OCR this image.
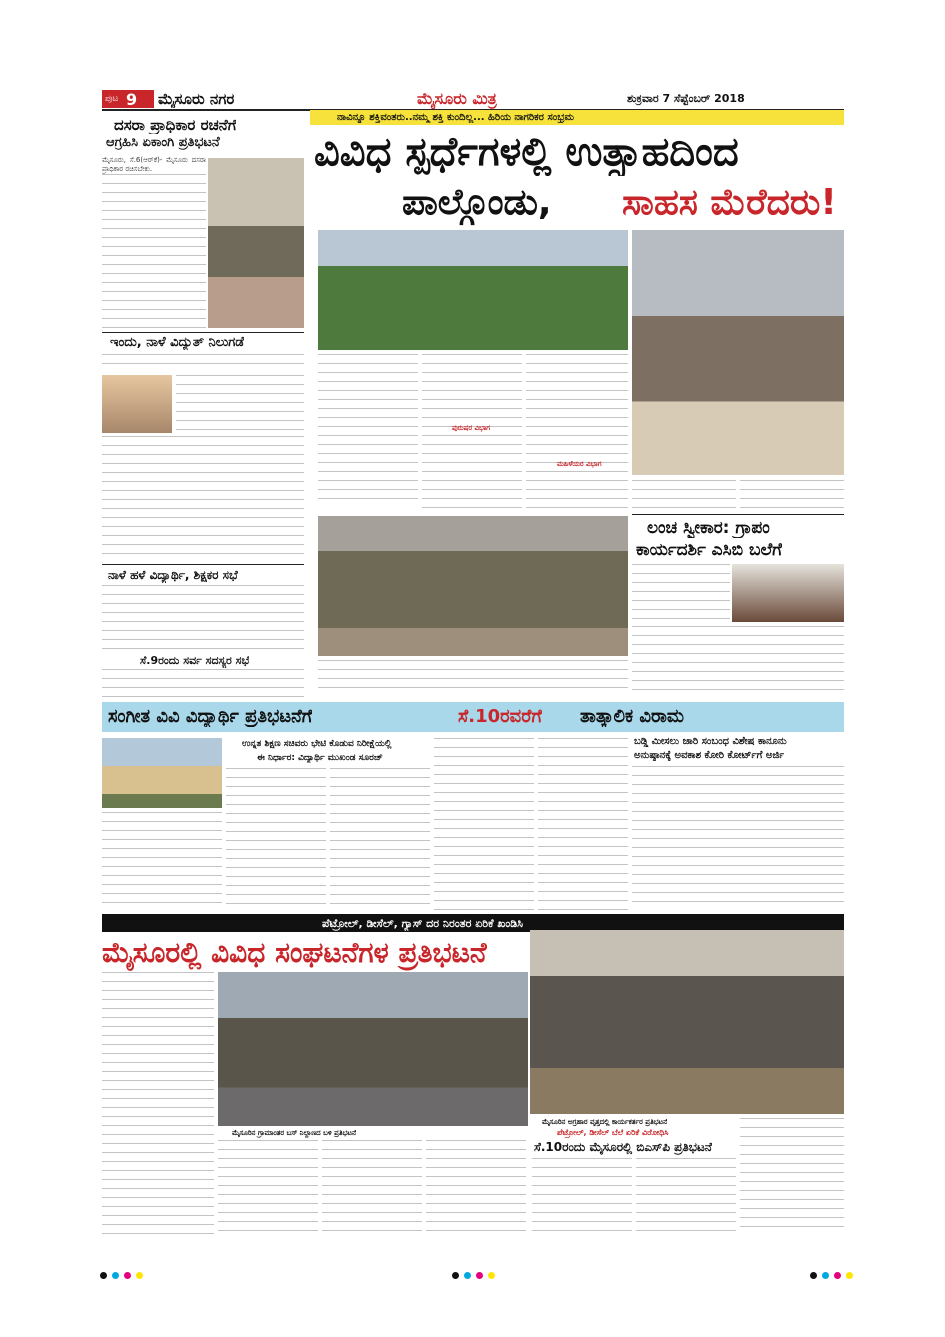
ಪುಟ 9 ಮೈಸೂರು ನಗರ	ಮೈಸೂರು ಮಿತ್ರ	ಶುಕ್ರವಾರ 7 ಸೆಪ್ಟೆಂಬರ್ 2018
ದಸರಾ ಪ್ರಾಧಿಕಾರ ರಚನೆಗೆ
ಆಗ್ರಹಿಸಿ ಏಕಾಂಗಿ ಪ್ರತಿಭಟನೆ
ಮೈಸೂರು, ಸೆ.6(ಆರ್‌ಕೆ)- ಮೈಸೂರು ದಸರಾ ಪ್ರಾಧಿಕಾರ ರಚಿಸಬೇಕು.
ಇಂದು, ನಾಳೆ ವಿದ್ಯುತ್ ನಿಲುಗಡೆ
ನಾಳೆ ಹಳೆ ವಿದ್ಯಾರ್ಥಿ, ಶಿಕ್ಷಕರ ಸಭೆ
ಸೆ.9ರಂದು ಸರ್ವ ಸದಸ್ಯರ ಸಭೆ
ನಾವಿನ್ನೂ ಶಕ್ತಿವಂತರು..ನಮ್ಮ ಶಕ್ತಿ ಕುಂದಿಲ್ಲ... ಹಿರಿಯ ನಾಗರಿಕರ ಸಂಭ್ರಮ
ವಿವಿಧ ಸ್ಪರ್ಧೆಗಳಲ್ಲಿ ಉತ್ಸಾಹದಿಂದ
ಪಾಲ್ಗೊಂಡು, ಸಾಹಸ ಮೆರೆದರು!
ಪುರುಷರ ವಿಭಾಗ
ಮಹಿಳೆಯರ ವಿಭಾಗ
ಲಂಚ ಸ್ವೀಕಾರ: ಗ್ರಾಪಂ
ಕಾರ್ಯದರ್ಶಿ ಎಸಿಬಿ ಬಲೆಗೆ
ಸಂಗೀತ ವಿವಿ ವಿದ್ಯಾರ್ಥಿ ಪ್ರತಿಭಟನೆಗೆ	ಸೆ.10ರವರೆಗೆ ತಾತ್ಕಾಲಿಕ ವಿರಾಮ
ಉನ್ನತ ಶಿಕ್ಷಣ ಸಚಿವರು ಭೇಟಿ ಕೊಡುವ ನಿರೀಕ್ಷೆಯಲ್ಲಿ
ಈ ನಿರ್ಧಾರ: ವಿದ್ಯಾರ್ಥಿ ಮುಖಂಡ ಸೂರಜ್
ಬಡ್ಡಿ ಮೀಸಲು ಜಾರಿ ಸಂಬಂಧ ವಿಶೇಷ ಕಾನೂನು
ಅನುಷ್ಠಾನಕ್ಕೆ ಅವಕಾಶ ಕೋರಿ ಕೋರ್ಟ್‌ಗೆ ಅರ್ಜಿ
ಪೆಟ್ರೋಲ್, ಡೀಸೆಲ್, ಗ್ಯಾಸ್ ದರ ನಿರಂತರ ಏರಿಕೆ ಖಂಡಿಸಿ
ಮೈಸೂರಲ್ಲಿ ವಿವಿಧ ಸಂಘಟನೆಗಳ ಪ್ರತಿಭಟನೆ
ಮೈಸೂರಿನ ಗ್ರಾಮಾಂತರ ಬಸ್ ನಿಲ್ದಾಣದ ಬಳಿ ಪ್ರತಿಭಟನೆ
ಮೈಸೂರಿನ ಅಗ್ರಹಾರ ವೃತ್ತದಲ್ಲಿ ಕಾರ್ಯಕರ್ತರ ಪ್ರತಿಭಟನೆ
ಪೆಟ್ರೋಲ್, ಡೀಸೆಲ್ ಬೆಲೆ ಏರಿಕೆ ವಿರೋಧಿಸಿ
ಸೆ.10ರಂದು ಮೈಸೂರಲ್ಲಿ ಬಿಎಸ್‌ಪಿ ಪ್ರತಿಭಟನೆ
